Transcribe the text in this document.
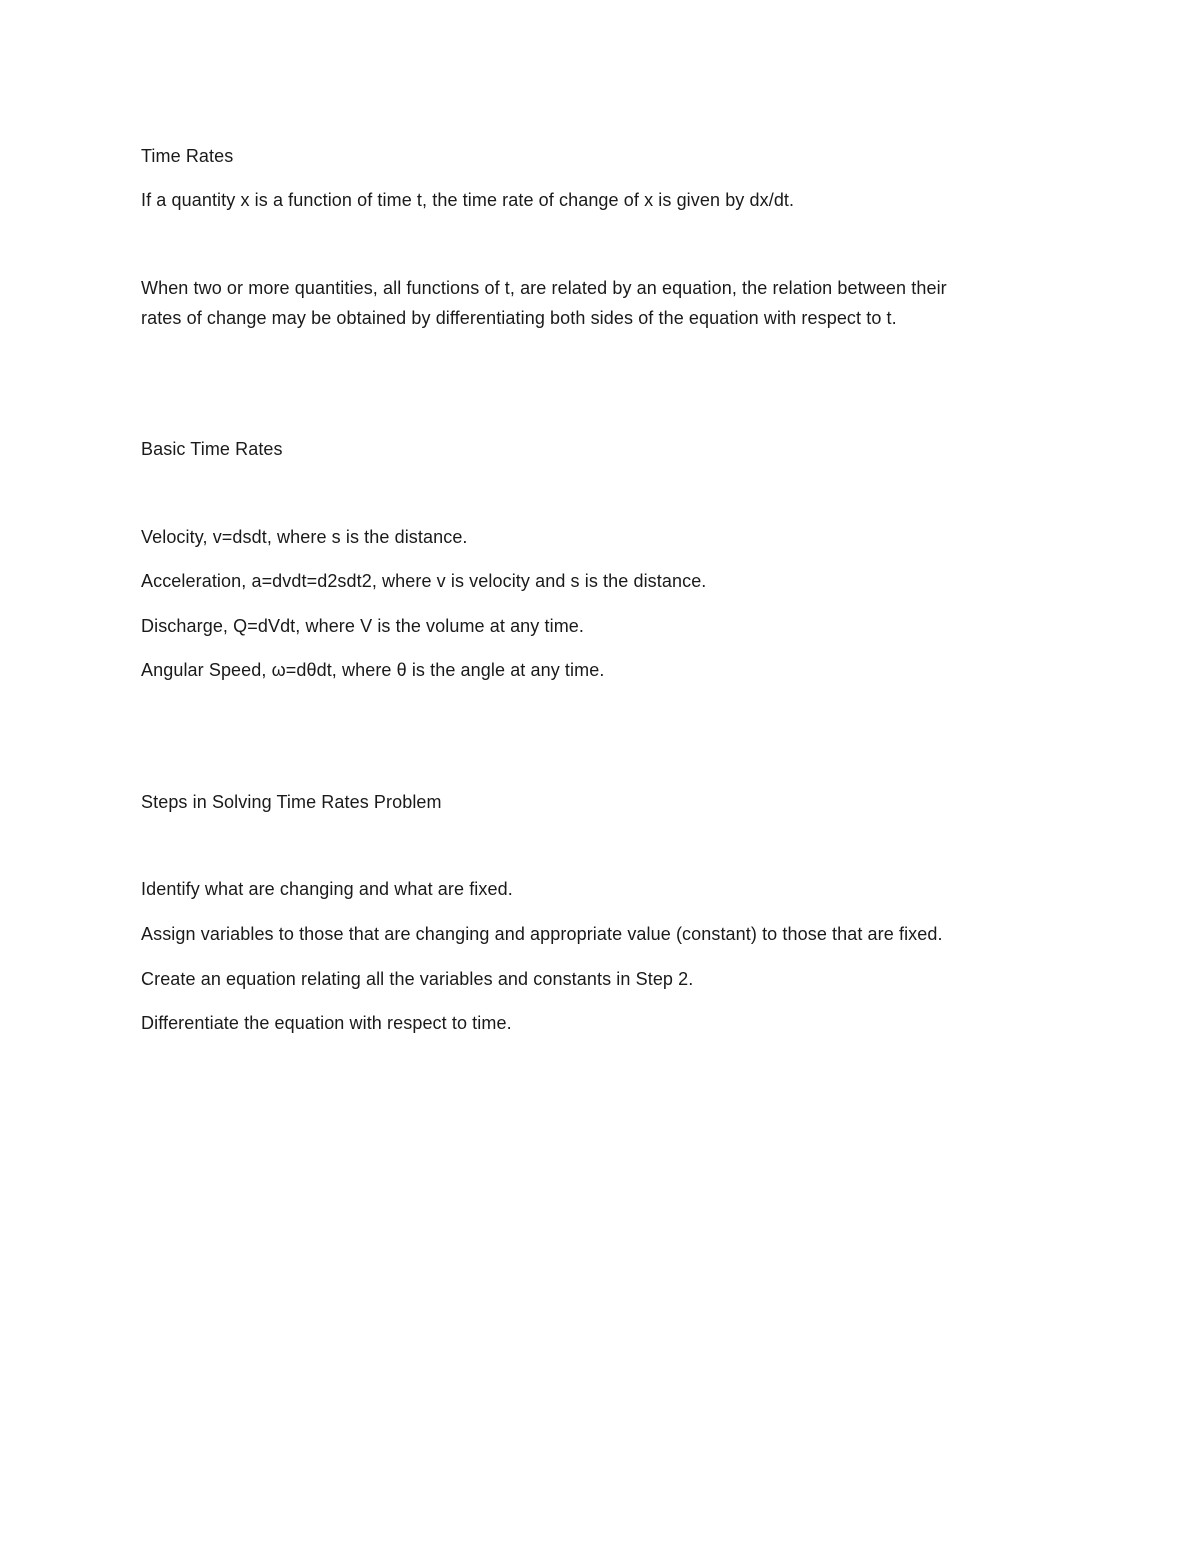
Time Rates
If a quantity x is a function of time t, the time rate of change of x is given by dx/dt.
When two or more quantities, all functions of t, are related by an equation, the relation between their
rates of change may be obtained by differentiating both sides of the equation with respect to t.
Basic Time Rates
Velocity, v=dsdt, where s is the distance.
Acceleration, a=dvdt=d2sdt2, where v is velocity and s is the distance.
Discharge, Q=dVdt, where V is the volume at any time.
Angular Speed, ω=dθdt, where θ is the angle at any time.
Steps in Solving Time Rates Problem
Identify what are changing and what are fixed.
Assign variables to those that are changing and appropriate value (constant) to those that are fixed.
Create an equation relating all the variables and constants in Step 2.
Differentiate the equation with respect to time.
